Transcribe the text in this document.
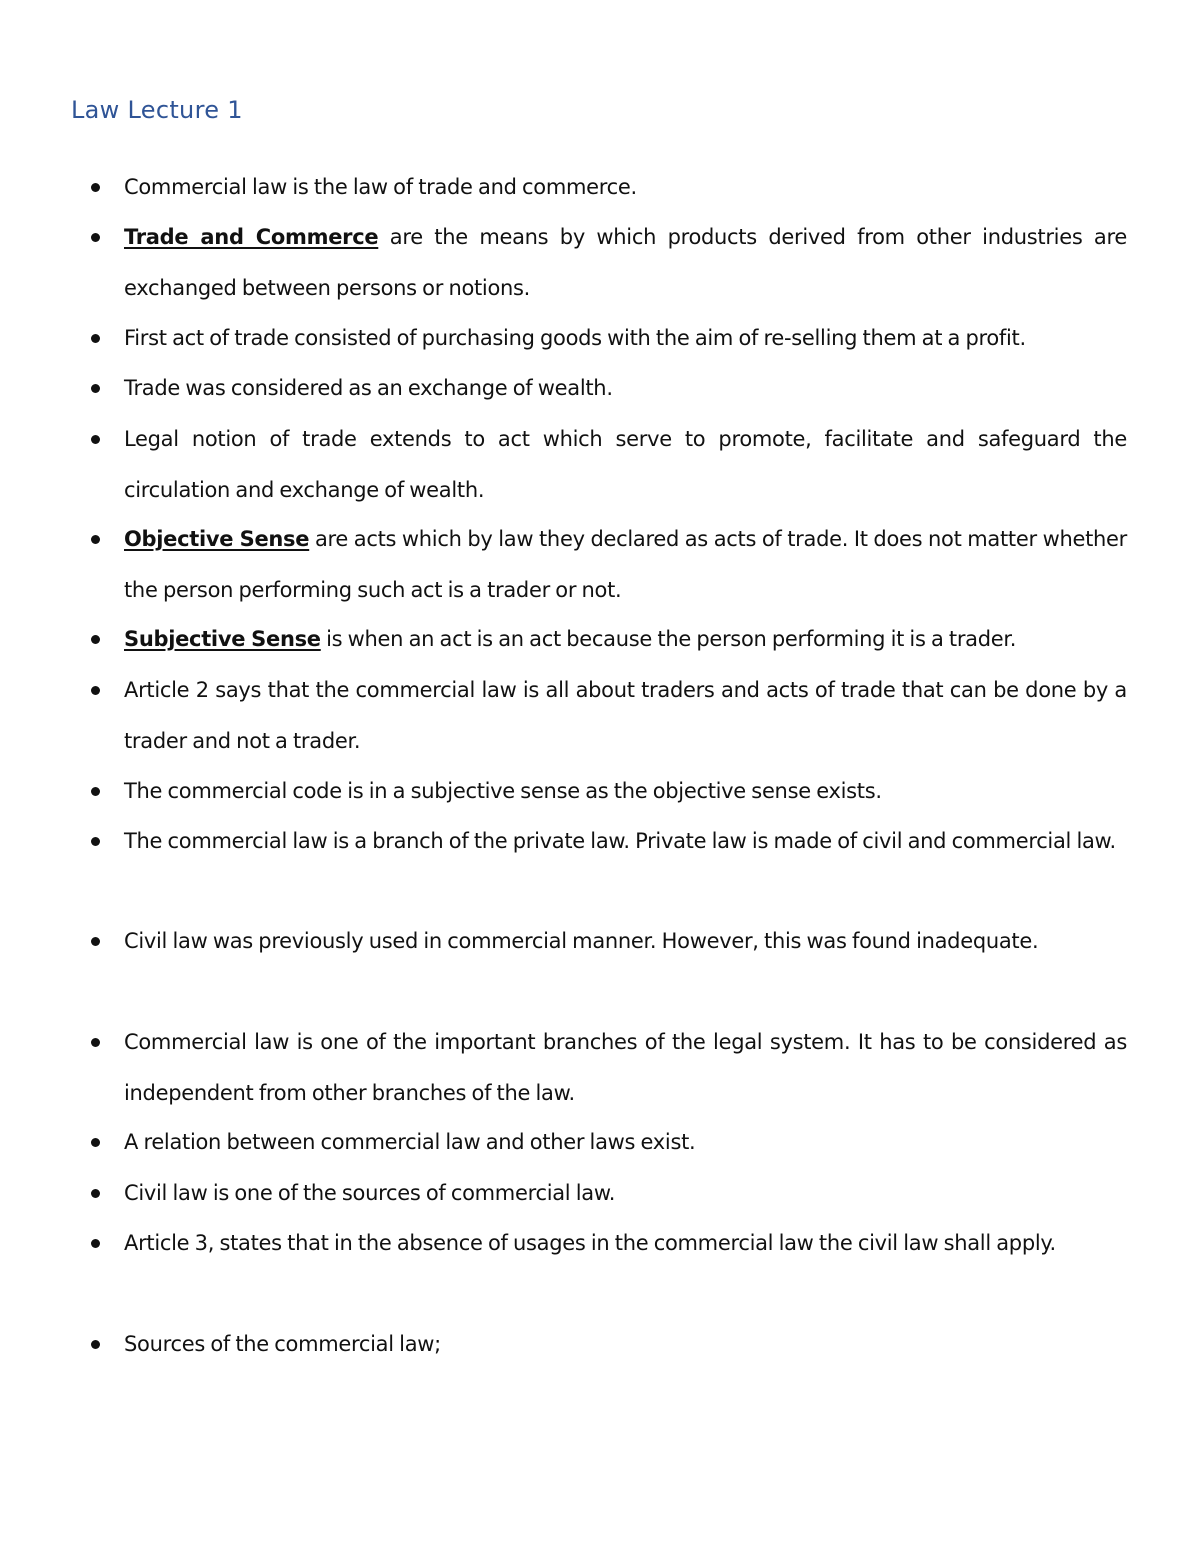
Law Lecture 1
Commercial law is the law of trade and commerce.
Trade and Commerce are the means by which products derived from other industries are exchanged between persons or notions.
First act of trade consisted of purchasing goods with the aim of re-selling them at a profit.
Trade was considered as an exchange of wealth.
Legal notion of trade extends to act which serve to promote, facilitate and safeguard the circulation and exchange of wealth.
Objective Sense are acts which by law they declared as acts of trade. It does not matter whether the person performing such act is a trader or not.
Subjective Sense is when an act is an act because the person performing it is a trader.
Article 2 says that the commercial law is all about traders and acts of trade that can be done by a trader and not a trader.
The commercial code is in a subjective sense as the objective sense exists.
The commercial law is a branch of the private law. Private law is made of civil and commercial law.
Civil law was previously used in commercial manner. However, this was found inadequate.
Commercial law is one of the important branches of the legal system. It has to be considered as independent from other branches of the law.
A relation between commercial law and other laws exist.
Civil law is one of the sources of commercial law.
Article 3, states that in the absence of usages in the commercial law the civil law shall apply.
Sources of the commercial law;
